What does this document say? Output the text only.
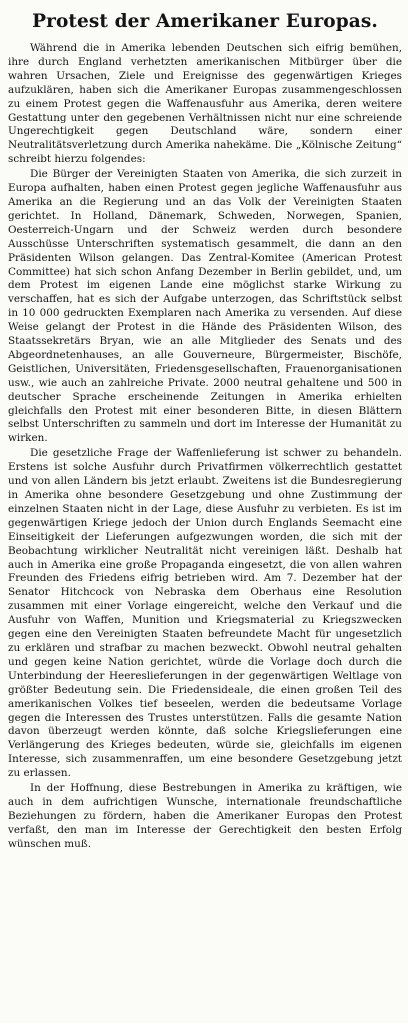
Protest der Amerikaner Europas.

Während die in Amerika lebenden Deutschen sich eifrig bemühen, ihre durch England verhetzten amerikanischen Mitbürger über die wahren Ursachen, Ziele und Ereignisse des gegenwärtigen Krieges aufzuklären, haben sich die Amerikaner Europas zusammengeschlossen zu einem Protest gegen die Waffenausfuhr aus Amerika, deren weitere Gestattung unter den gegebenen Verhältnissen nicht nur eine schreiende Ungerechtigkeit gegen Deutschland wäre, sondern einer Neutralitätsverletzung durch Amerika nahekäme. Die „Kölnische Zeitung“ schreibt hierzu folgendes:

Die Bürger der Vereinigten Staaten von Amerika, die sich zurzeit in Europa aufhalten, haben einen Protest gegen jegliche Waffenausfuhr aus Amerika an die Regierung und an das Volk der Vereinigten Staaten gerichtet. In Holland, Dänemark, Schweden, Norwegen, Spanien, Oesterreich-Ungarn und der Schweiz werden durch besondere Ausschüsse Unterschriften systematisch gesammelt, die dann an den Präsidenten Wilson gelangen. Das Zentral-Komitee (American Protest Committee) hat sich schon Anfang Dezember in Berlin gebildet, und, um dem Protest im eigenen Lande eine möglichst starke Wirkung zu verschaffen, hat es sich der Aufgabe unterzogen, das Schriftstück selbst in 10 000 gedruckten Exemplaren nach Amerika zu versenden. Auf diese Weise gelangt der Protest in die Hände des Präsidenten Wilson, des Staatssekretärs Bryan, wie an alle Mitglieder des Senats und des Abgeordnetenhauses, an alle Gouverneure, Bürgermeister, Bischöfe, Geistlichen, Universitäten, Friedensgesellschaften, Frauenorganisationen usw., wie auch an zahlreiche Private. 2000 neutral gehaltene und 500 in deutscher Sprache erscheinende Zeitungen in Amerika erhielten gleichfalls den Protest mit einer besonderen Bitte, in diesen Blättern selbst Unterschriften zu sammeln und dort im Interesse der Humanität zu wirken.

Die gesetzliche Frage der Waffenlieferung ist schwer zu behandeln. Erstens ist solche Ausfuhr durch Privatfirmen völkerrechtlich gestattet und von allen Ländern bis jetzt erlaubt. Zweitens ist die Bundesregierung in Amerika ohne besondere Gesetzgebung und ohne Zustimmung der einzelnen Staaten nicht in der Lage, diese Ausfuhr zu verbieten. Es ist im gegenwärtigen Kriege jedoch der Union durch Englands Seemacht eine Einseitigkeit der Lieferungen aufgezwungen worden, die sich mit der Beobachtung wirklicher Neutralität nicht vereinigen läßt. Deshalb hat auch in Amerika eine große Propaganda eingesetzt, die von allen wahren Freunden des Friedens eifrig betrieben wird. Am 7. Dezember hat der Senator Hitchcock von Nebraska dem Oberhaus eine Resolution zusammen mit einer Vorlage eingereicht, welche den Verkauf und die Ausfuhr von Waffen, Munition und Kriegsmaterial zu Kriegszwecken gegen eine den Vereinigten Staaten befreundete Macht für ungesetzlich zu erklären und strafbar zu machen bezweckt. Obwohl neutral gehalten und gegen keine Nation gerichtet, würde die Vorlage doch durch die Unterbindung der Heereslieferungen in der gegenwärtigen Weltlage von größter Bedeutung sein. Die Friedensideale, die einen großen Teil des amerikanischen Volkes tief beseelen, werden die bedeutsame Vorlage gegen die Interessen des Trustes unterstützen. Falls die gesamte Nation davon überzeugt werden könnte, daß solche Kriegslieferungen eine Verlängerung des Krieges bedeuten, würde sie, gleichfalls im eigenen Interesse, sich zusammenraffen, um eine besondere Gesetzgebung jetzt zu erlassen.

In der Hoffnung, diese Bestrebungen in Amerika zu kräftigen, wie auch in dem aufrichtigen Wunsche, internationale freundschaftliche Beziehungen zu fördern, haben die Amerikaner Europas den Protest verfaßt, den man im Interesse der Gerechtigkeit den besten Erfolg wünschen muß.
